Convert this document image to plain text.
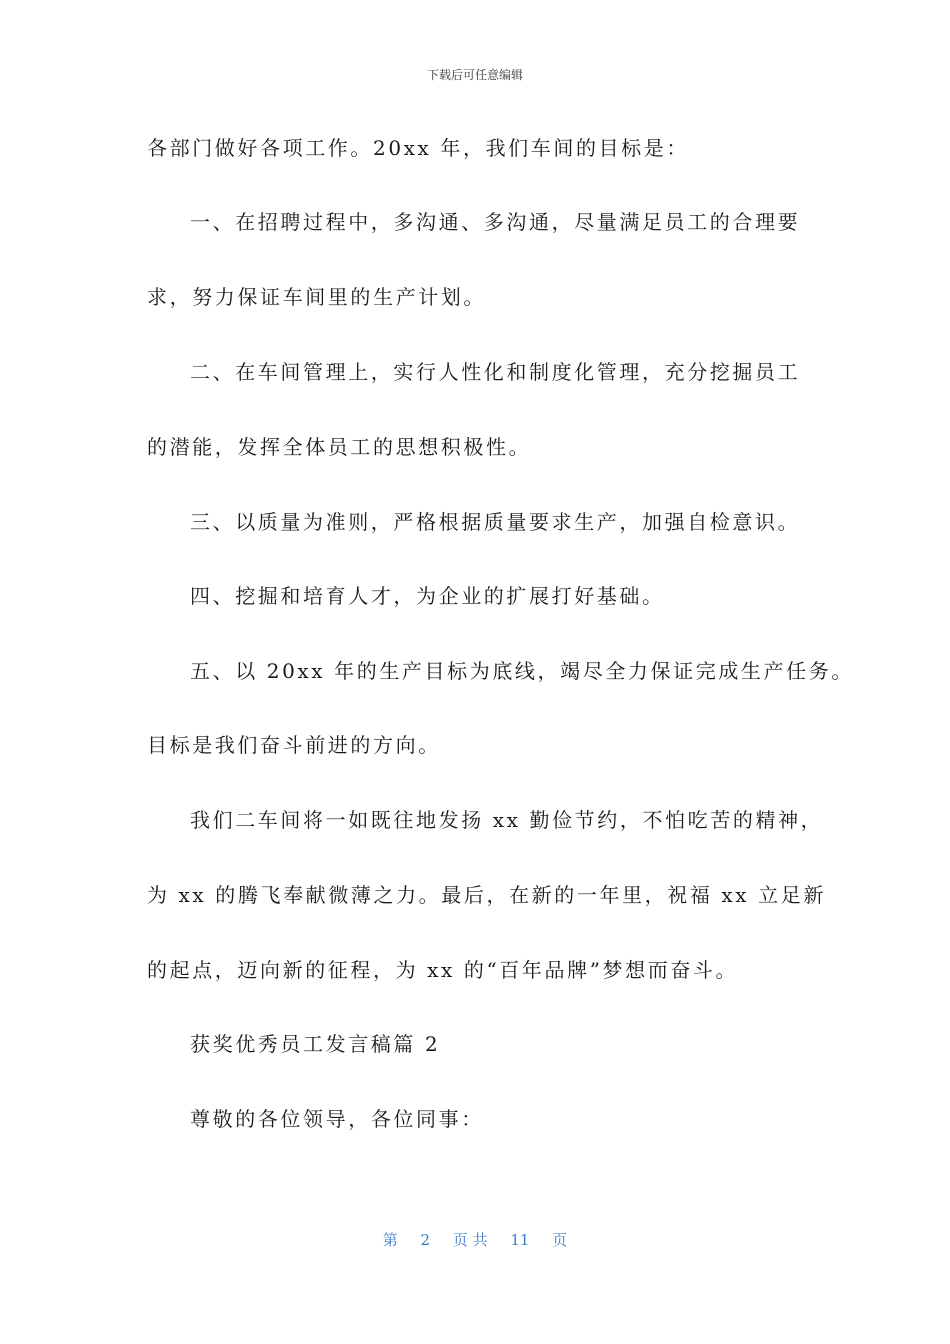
下载后可任意编辑
各部门做好各项工作。20xx 年，我们车间的目标是：
一、在招聘过程中，多沟通、多沟通，尽量满足员工的合理要
求，努力保证车间里的生产计划。
二、在车间管理上，实行人性化和制度化管理，充分挖掘员工
的潜能，发挥全体员工的思想积极性。
三、以质量为准则，严格根据质量要求生产，加强自检意识。
四、挖掘和培育人才，为企业的扩展打好基础。
五、以 20xx 年的生产目标为底线，竭尽全力保证完成生产任务。
目标是我们奋斗前进的方向。
我们二车间将一如既往地发扬 xx 勤俭节约，不怕吃苦的精神，
为 xx 的腾飞奉献微薄之力。最后，在新的一年里，祝福 xx 立足新
的起点，迈向新的征程，为 xx 的“百年品牌”梦想而奋斗。
获奖优秀员工发言稿篇 2
尊敬的各位领导，各位同事：
第 2 页 共 11 页
